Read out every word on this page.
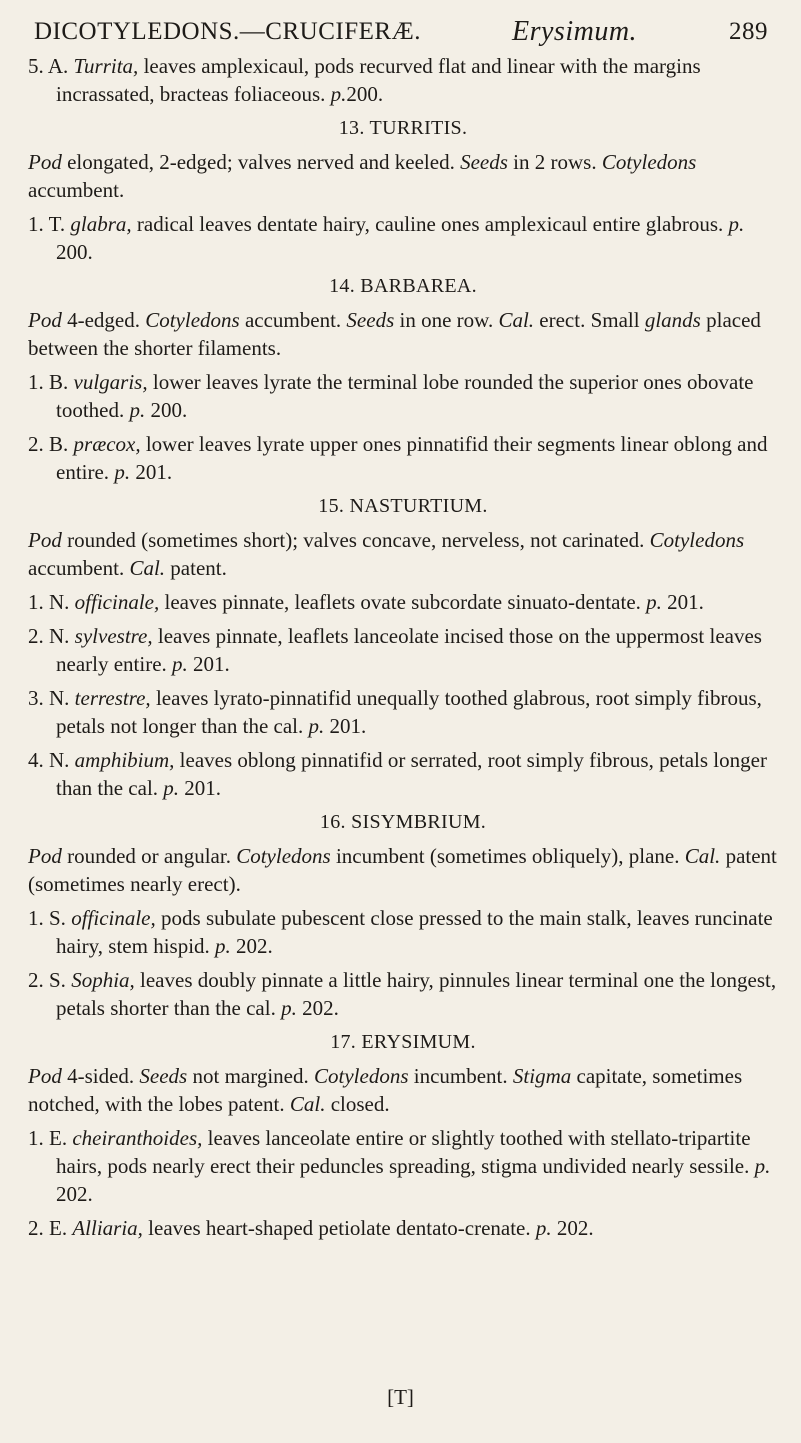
DICOTYLEDONS.—CRUCIFERÆ.	Erysimum.	289

5. A. Turrita, leaves amplexicaul, pods recurved flat and linear with the margins incrassated, bracteas foliaceous. p.200.

13. TURRITIS.

Pod elongated, 2-edged; valves nerved and keeled. Seeds in 2 rows. Cotyledons accumbent.

1. T. glabra, radical leaves dentate hairy, cauline ones amplexicaul entire glabrous. p. 200.

14. BARBAREA.

Pod 4-edged. Cotyledons accumbent. Seeds in one row. Cal. erect. Small glands placed between the shorter filaments.

1. B. vulgaris, lower leaves lyrate the terminal lobe rounded the superior ones obovate toothed. p. 200.

2. B. præcox, lower leaves lyrate upper ones pinnatifid their segments linear oblong and entire. p. 201.

15. NASTURTIUM.

Pod rounded (sometimes short); valves concave, nerveless, not carinated. Cotyledons accumbent. Cal. patent.

1. N. officinale, leaves pinnate, leaflets ovate subcordate sinuato-dentate. p. 201.

2. N. sylvestre, leaves pinnate, leaflets lanceolate incised those on the uppermost leaves nearly entire. p. 201.

3. N. terrestre, leaves lyrato-pinnatifid unequally toothed glabrous, root simply fibrous, petals not longer than the cal. p. 201.

4. N. amphibium, leaves oblong pinnatifid or serrated, root simply fibrous, petals longer than the cal. p. 201.

16. SISYMBRIUM.

Pod rounded or angular. Cotyledons incumbent (sometimes obliquely), plane. Cal. patent (sometimes nearly erect).

1. S. officinale, pods subulate pubescent close pressed to the main stalk, leaves runcinate hairy, stem hispid. p. 202.

2. S. Sophia, leaves doubly pinnate a little hairy, pinnules linear terminal one the longest, petals shorter than the cal. p. 202.

17. ERYSIMUM.

Pod 4-sided. Seeds not margined. Cotyledons incumbent. Stigma capitate, sometimes notched, with the lobes patent. Cal. closed.

1. E. cheiranthoides, leaves lanceolate entire or slightly toothed with stellato-tripartite hairs, pods nearly erect their peduncles spreading, stigma undivided nearly sessile. p. 202.

2. E. Alliaria, leaves heart-shaped petiolate dentato-crenate. p. 202.

[T]
